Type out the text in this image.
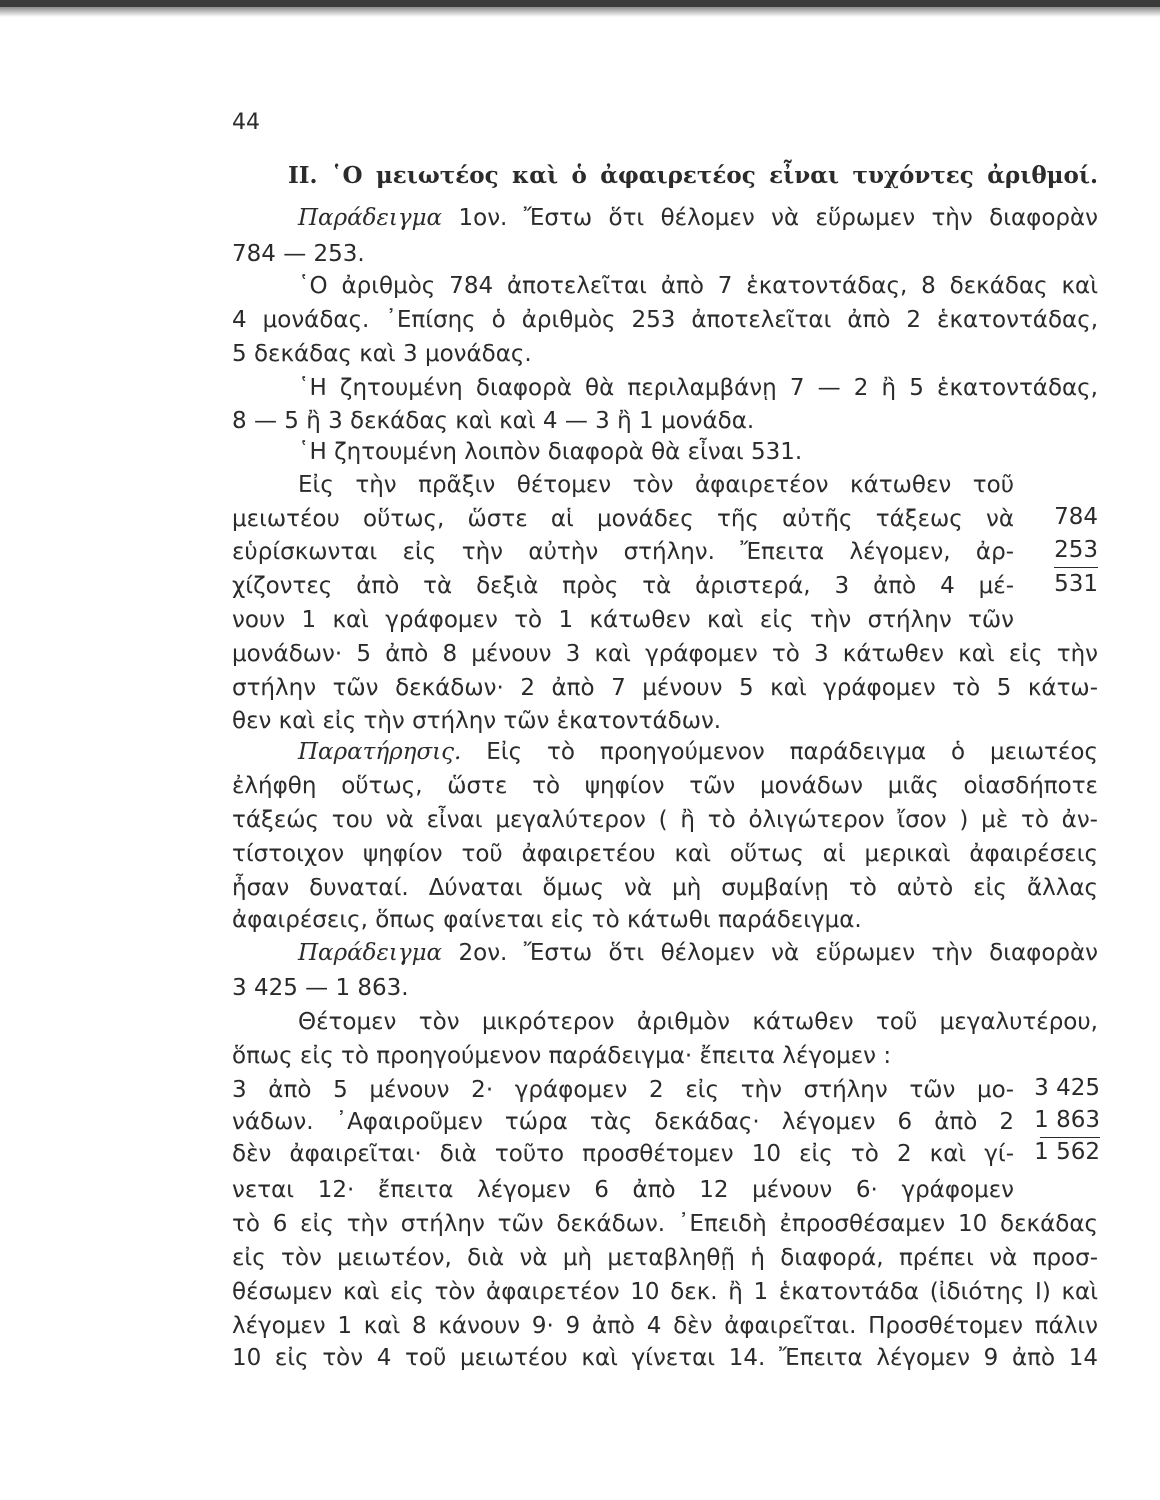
44
II. ῾Ο μειωτέος καὶ ὁ ἀφαιρετέος εἶναι τυχόντες ἀριθμοί.
Παράδειγμα 1ον. Ἔστω ὅτι θέλομεν νὰ εὕρωμεν τὴν διαφορὰν
784 — 253.
῾Ο ἀριθμὸς 784 ἀποτελεῖται ἀπὸ 7 ἑκατοντάδας, 8 δεκάδας καὶ
4 μονάδας. ᾿Επίσης ὁ ἀριθμὸς 253 ἀποτελεῖται ἀπὸ 2 ἑκατοντάδας,
5 δεκάδας καὶ 3 μονάδας.
῾Η ζητουμένη διαφορὰ θὰ περιλαμβάνῃ 7 — 2 ἢ 5 ἑκατοντάδας,
8 — 5 ἢ 3 δεκάδας καὶ καὶ 4 — 3 ἢ 1 μονάδα.
῾Η ζητουμένη λοιπὸν διαφορὰ θὰ εἶναι 531.
Εἰς τὴν πρᾶξιν θέτομεν τὸν ἀφαιρετέον κάτωθεν τοῦ
μειωτέου οὕτως, ὥστε αἱ μονάδες τῆς αὐτῆς τάξεως νὰ
εὑρίσκωνται εἰς τὴν αὐτὴν στήλην. Ἔπειτα λέγομεν, ἀρ-
χίζοντες ἀπὸ τὰ δεξιὰ πρὸς τὰ ἀριστερά, 3 ἀπὸ 4 μέ-
νουν 1 καὶ γράφομεν τὸ 1 κάτωθεν καὶ εἰς τὴν στήλην τῶν
μονάδων· 5 ἀπὸ 8 μένουν 3 καὶ γράφομεν τὸ 3 κάτωθεν καὶ εἰς τὴν
στήλην τῶν δεκάδων· 2 ἀπὸ 7 μένουν 5 καὶ γράφομεν τὸ 5 κάτω-
θεν καὶ εἰς τὴν στήλην τῶν ἑκατοντάδων.
784
253
531
Παρατήρησις. Εἰς τὸ προηγούμενον παράδειγμα ὁ μειωτέος
ἐλήφθη οὕτως, ὥστε τὸ ψηφίον τῶν μονάδων μιᾶς οἱασδήποτε
τάξεώς του νὰ εἶναι μεγαλύτερον ( ἢ τὸ ὀλιγώτερον ἴσον ) μὲ τὸ ἀν-
τίστοιχον ψηφίον τοῦ ἀφαιρετέου καὶ οὕτως αἱ μερικαὶ ἀφαιρέσεις
ἦσαν δυναταί. Δύναται ὅμως νὰ μὴ συμβαίνῃ τὸ αὐτὸ εἰς ἄλλας
ἀφαιρέσεις, ὅπως φαίνεται εἰς τὸ κάτωθι παράδειγμα.
Παράδειγμα 2ον. Ἔστω ὅτι θέλομεν νὰ εὕρωμεν τὴν διαφορὰν
3 425 — 1 863.
Θέτομεν τὸν μικρότερον ἀριθμὸν κάτωθεν τοῦ μεγαλυτέρου,
ὅπως εἰς τὸ προηγούμενον παράδειγμα· ἔπειτα λέγομεν :
3 ἀπὸ 5 μένουν 2· γράφομεν 2 εἰς τὴν στήλην τῶν μο-
νάδων. ᾿Αφαιροῦμεν τώρα τὰς δεκάδας· λέγομεν 6 ἀπὸ 2
δὲν ἀφαιρεῖται· διὰ τοῦτο προσθέτομεν 10 εἰς τὸ 2 καὶ γί-
νεται 12· ἔπειτα λέγομεν 6 ἀπὸ 12 μένουν 6· γράφομεν
τὸ 6 εἰς τὴν στήλην τῶν δεκάδων. ᾿Επειδὴ ἐπροσθέσαμεν 10 δεκάδας
εἰς τὸν μειωτέον, διὰ νὰ μὴ μεταβληθῇ ἡ διαφορά, πρέπει νὰ προσ-
θέσωμεν καὶ εἰς τὸν ἀφαιρετέον 10 δεκ. ἢ 1 ἑκατοντάδα (ἰδιότης I) καὶ
λέγομεν 1 καὶ 8 κάνουν 9· 9 ἀπὸ 4 δὲν ἀφαιρεῖται. Προσθέτομεν πάλιν
10 εἰς τὸν 4 τοῦ μειωτέου καὶ γίνεται 14. Ἔπειτα λέγομεν 9 ἀπὸ 14
3 425
1 863
1 562
